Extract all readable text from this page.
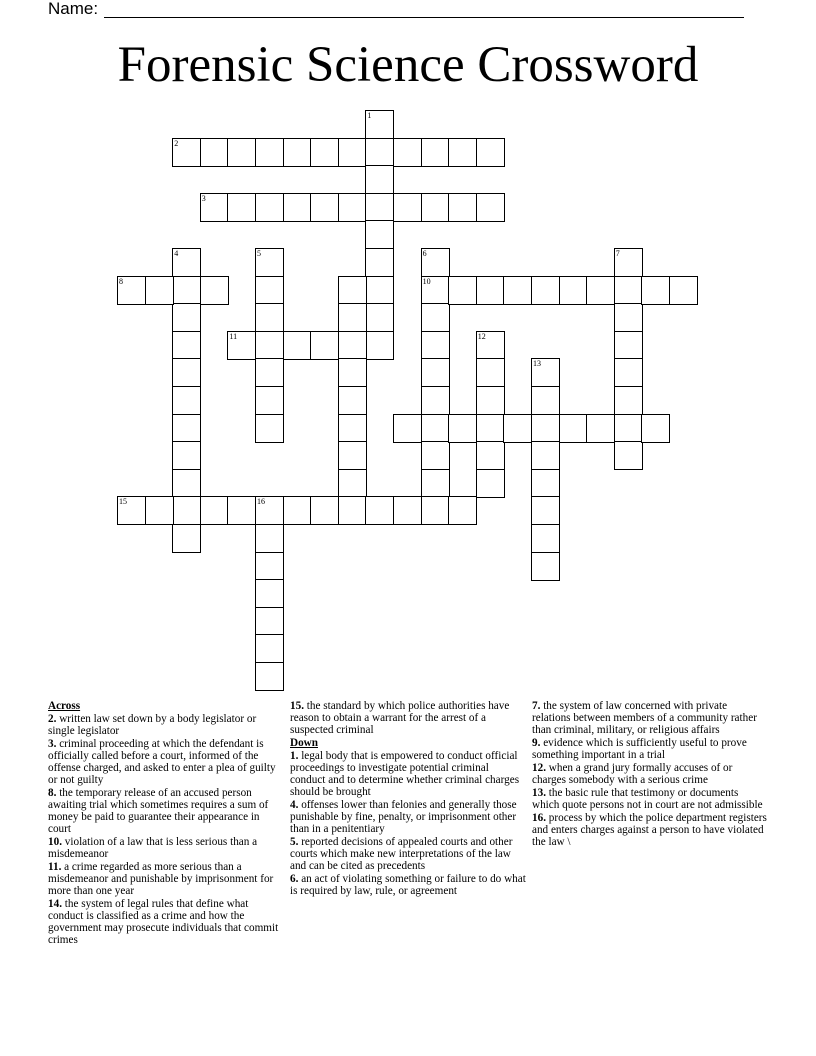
Name:
Forensic Science Crossword
2
3
1
4	5	6
10
7
8
11	12
13
15	16

Across

2. written law set down by a body legislator or single legislator

3. criminal proceeding at which the defendant is officially called before a court, informed of the offense charged, and asked to enter a plea of guilty or not guilty

8. the temporary release of an accused person awaiting trial which sometimes requires a sum of money be paid to guarantee their appearance in court

10. violation of a law that is less serious than a misdemeanor

11. a crime regarded as more serious than a misdemeanor and punishable by imprisonment for more than one year

14. the system of legal rules that define what conduct is classified as a crime and how the government may prosecute individuals that commit crimes

15. the standard by which police authorities have reason to obtain a warrant for the arrest of a suspected criminal

Down

1. legal body that is empowered to conduct official proceedings to investigate potential criminal conduct and to determine whether criminal charges should be brought

4. offenses lower than felonies and generally those punishable by fine, penalty, or imprisonment other than in a penitentiary

5. reported decisions of appealed courts and other courts which make new interpretations of the law and can be cited as precedents

6. an act of violating something or failure to do what is required by law, rule, or agreement

7. the system of law concerned with private relations between members of a community rather than criminal, military, or religious affairs

9. evidence which is sufficiently useful to prove something important in a trial

12. when a grand jury formally accuses of or charges somebody with a serious crime

13. the basic rule that testimony or documents which quote persons not in court are not admissible

16. process by which the police department registers and enters charges against a person to have violated the law \
